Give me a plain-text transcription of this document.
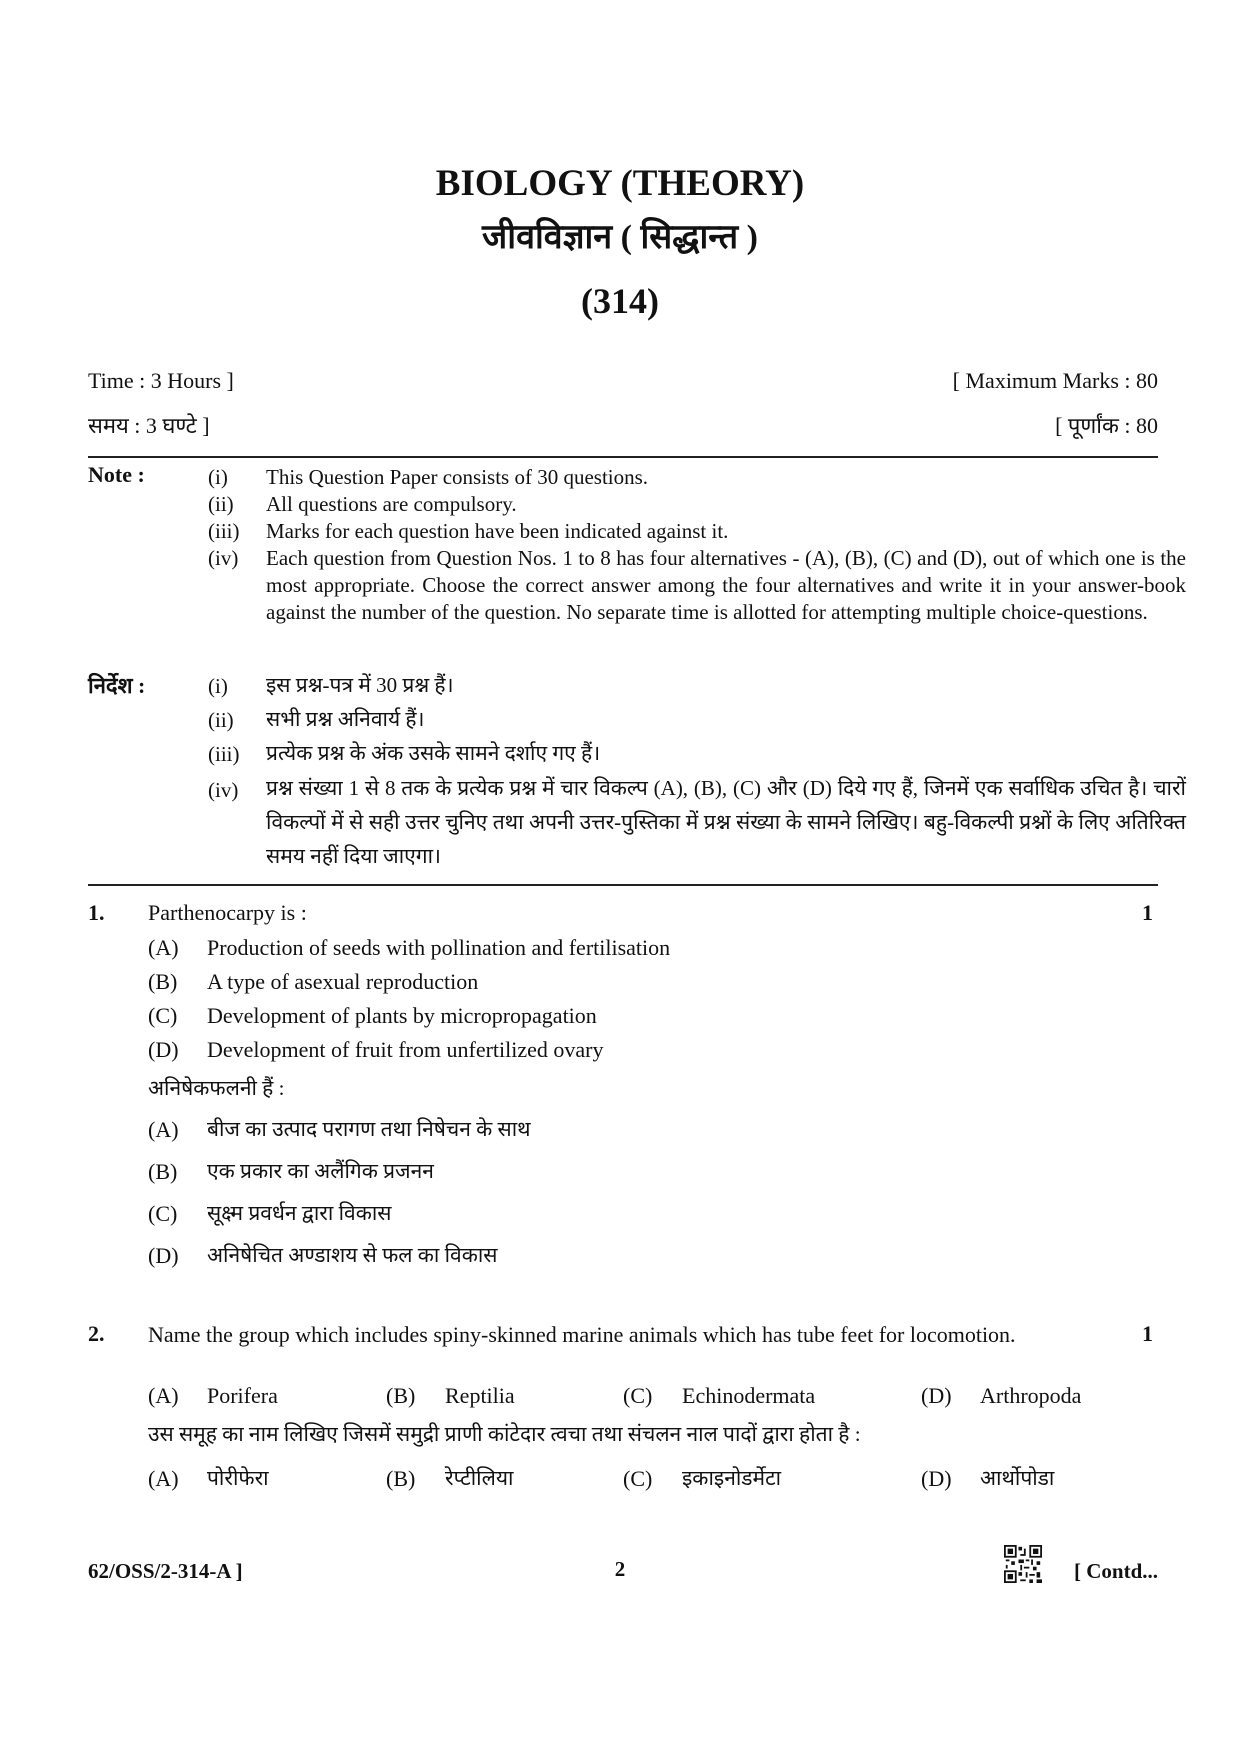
BIOLOGY (THEORY)
जीवविज्ञान ( सिद्धान्त )
(314)
Time : 3 Hours ]	[ Maximum Marks : 80
समय : 3 घण्टे ]	[ पूर्णांक : 80
Note :	(i) This Question Paper consists of 30 questions.
(ii) All questions are compulsory.
(iii) Marks for each question have been indicated against it.
(iv) Each question from Question Nos. 1 to 8 has four alternatives - (A), (B), (C) and (D), out of which one is the most appropriate. Choose the correct answer among the four alternatives and write it in your answer-book against the number of the question. No separate time is allotted for attempting multiple choice-questions.
निर्देश :	(i) इस प्रश्न-पत्र में 30 प्रश्न हैं।
(ii) सभी प्रश्न अनिवार्य हैं।
(iii) प्रत्येक प्रश्न के अंक उसके सामने दर्शाए गए हैं।
(iv) प्रश्न संख्या 1 से 8 तक के प्रत्येक प्रश्न में चार विकल्प (A), (B), (C) और (D) दिये गए हैं, जिनमें एक सर्वाधिक उचित है। चारों विकल्पों में से सही उत्तर चुनिए तथा अपनी उत्तर-पुस्तिका में प्रश्न संख्या के सामने लिखिए। बहु-विकल्पी प्रश्नों के लिए अतिरिक्त समय नहीं दिया जाएगा।
1. Parthenocarpy is :	1
(A) Production of seeds with pollination and fertilisation
(B) A type of asexual reproduction
(C) Development of plants by micropropagation
(D) Development of fruit from unfertilized ovary
अनिषेकफलनी हैं :
(A) बीज का उत्पाद परागण तथा निषेचन के साथ
(B) एक प्रकार का अलैंगिक प्रजनन
(C) सूक्ष्म प्रवर्धन द्वारा विकास
(D) अनिषेचित अण्डाशय से फल का विकास
2. Name the group which includes spiny-skinned marine animals which has tube feet for locomotion.	1
(A) Porifera	(B) Reptilia	(C) Echinodermata	(D) Arthropoda
उस समूह का नाम लिखिए जिसमें समुद्री प्राणी कांटेदार त्वचा तथा संचलन नाल पादों द्वारा होता है :
(A) पोरीफेरा	(B) रेप्टीलिया	(C) इकाइनोडर्मेटा	(D) आर्थोपोडा
62/OSS/2-314-A ]	2	[ Contd...
